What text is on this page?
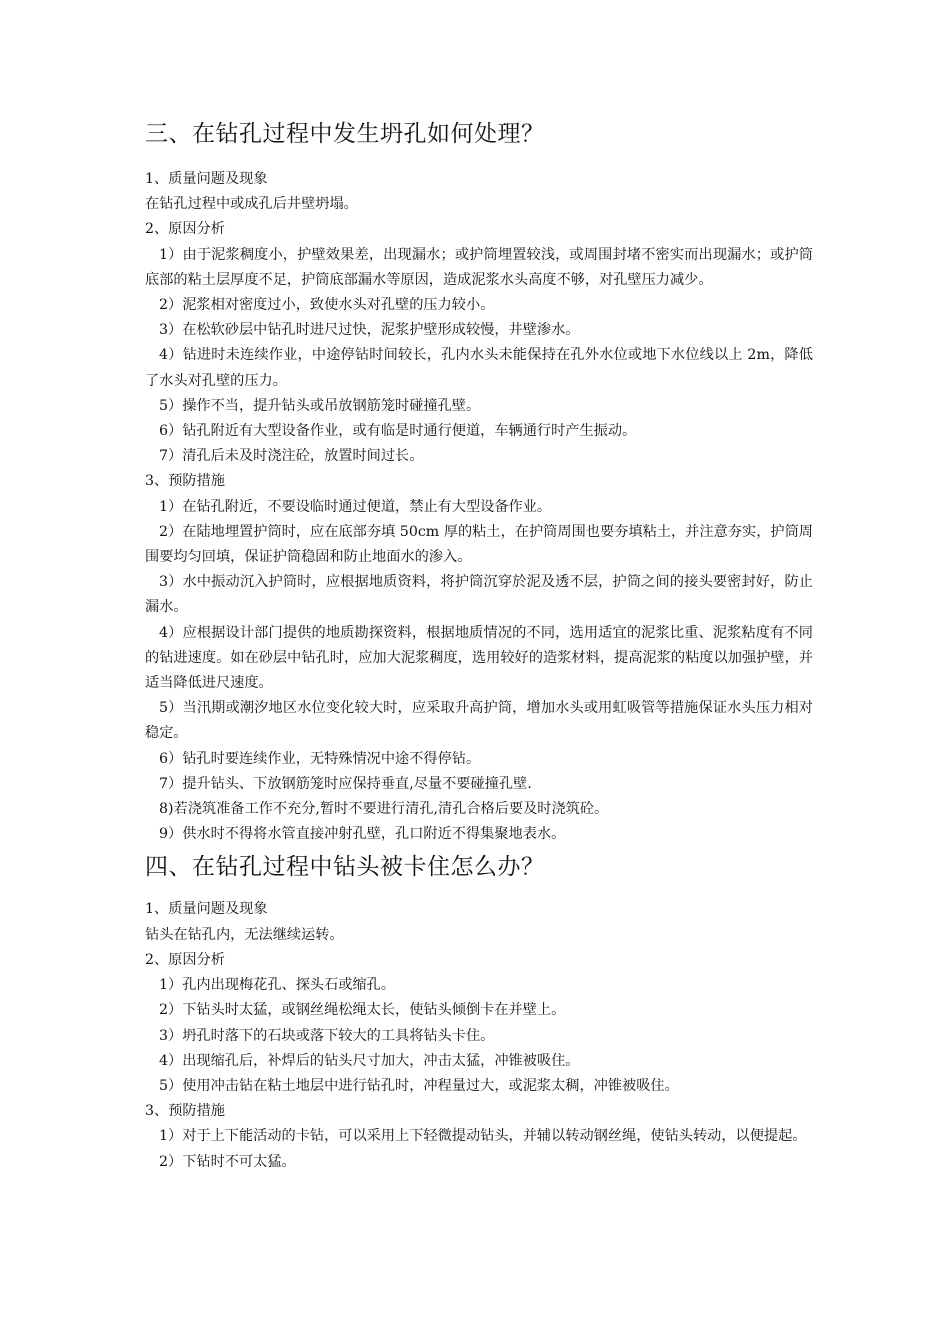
三、在钻孔过程中发生坍孔如何处理？

1、质量问题及现象

在钻孔过程中或成孔后井壁坍塌。

2、原因分析

1）由于泥浆稠度小，护壁效果差，出现漏水；或护筒埋置较浅，或周围封堵不密实而出现漏水；或护筒底部的粘土层厚度不足，护筒底部漏水等原因，造成泥浆水头高度不够，对孔壁压力减少。

2）泥浆相对密度过小，致使水头对孔壁的压力较小。

3）在松软砂层中钻孔时进尺过快，泥浆护壁形成较慢，井壁渗水。

4）钻进时未连续作业，中途停钻时间较长，孔内水头未能保持在孔外水位或地下水位线以上 2m，降低了水头对孔壁的压力。

5）操作不当，提升钻头或吊放钢筋笼时碰撞孔壁。

6）钻孔附近有大型设备作业，或有临是时通行便道，车辆通行时产生振动。

7）清孔后未及时浇注砼，放置时间过长。

3、预防措施

1）在钻孔附近，不要设临时通过便道，禁止有大型设备作业。

2）在陆地埋置护筒时，应在底部夯填 50cm 厚的粘土，在护筒周围也要夯填粘土，并注意夯实，护筒周围要均匀回填，保证护筒稳固和防止地面水的渗入。

3）水中振动沉入护筒时，应根据地质资料，将护筒沉穿於泥及透不层，护筒之间的接头要密封好，防止漏水。

4）应根据设计部门提供的地质勘探资料，根据地质情况的不同，选用适宜的泥浆比重、泥浆粘度有不同的钻进速度。如在砂层中钻孔时，应加大泥浆稠度，选用较好的造浆材料，提高泥浆的粘度以加强护壁，并适当降低进尺速度。

5）当汛期或潮汐地区水位变化较大时，应采取升高护筒，增加水头或用虹吸管等措施保证水头压力相对稳定。

6）钻孔时要连续作业，无特殊情况中途不得停钻。

7）提升钻头、下放钢筋笼时应保持垂直,尽量不要碰撞孔壁.

8)若浇筑准备工作不充分,暂时不要进行清孔,清孔合格后要及时浇筑砼。

9）供水时不得将水管直接冲射孔壁，孔口附近不得集聚地表水。

四、在钻孔过程中钻头被卡住怎么办？

1、质量问题及现象

钻头在钻孔内，无法继续运转。

2、原因分析

1）孔内出现梅花孔、探头石或缩孔。

2）下钻头时太猛，或钢丝绳松绳太长，使钻头倾倒卡在并壁上。

3）坍孔时落下的石块或落下较大的工具将钻头卡住。

4）出现缩孔后，补焊后的钻头尺寸加大，冲击太猛，冲锥被吸住。

5）使用冲击钻在粘土地层中进行钻孔时，冲程量过大，或泥浆太稠，冲锥被吸住。

3、预防措施

1）对于上下能活动的卡钻，可以采用上下轻微提动钻头，并辅以转动钢丝绳，使钻头转动，以便提起。

2）下钻时不可太猛。
